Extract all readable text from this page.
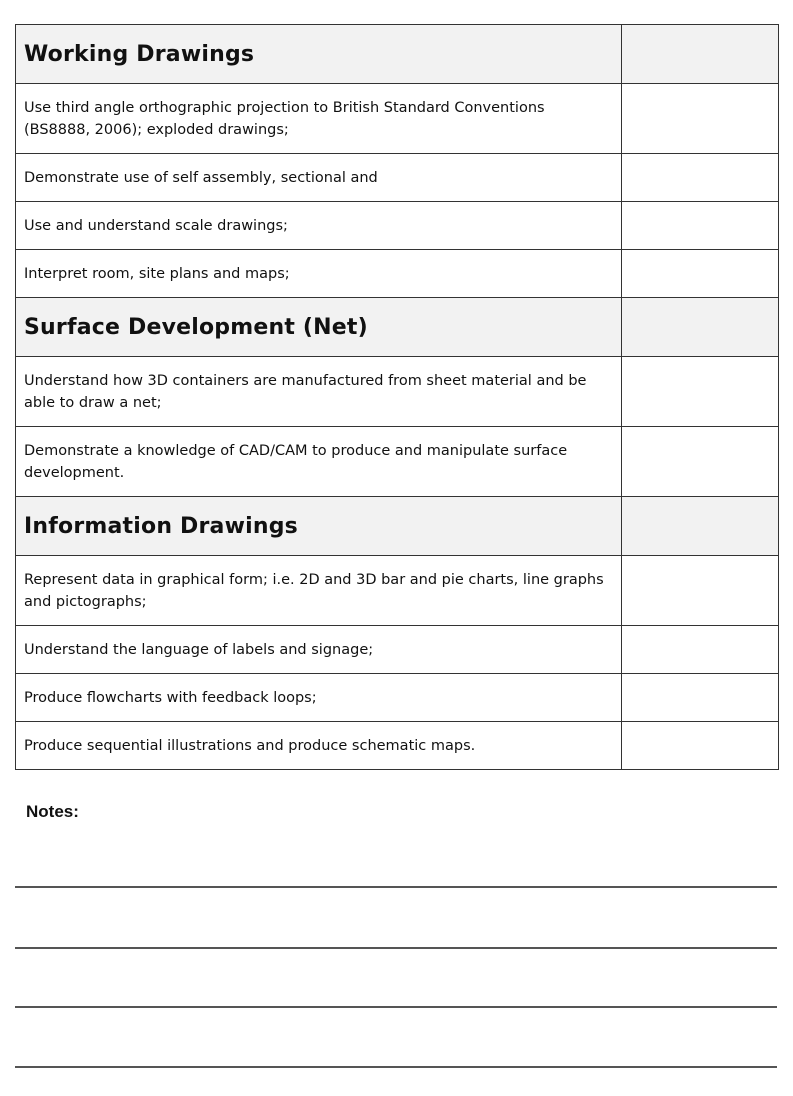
Working Drawings	
Use third angle orthographic projection to British Standard Conventions (BS8888, 2006); exploded drawings;	
Demonstrate use of self assembly, sectional and	
Use and understand scale drawings;	
Interpret room, site plans and maps;	
Surface Development (Net)	
Understand how 3D containers are manufactured from sheet material and be able to draw a net;	
Demonstrate a knowledge of CAD/CAM to produce and manipulate surface development.	
Information Drawings	
Represent data in graphical form; i.e. 2D and 3D bar and pie charts, line graphs and pictographs;	
Understand the language of labels and signage;	
Produce flowcharts with feedback loops;	
Produce sequential illustrations and produce schematic maps.	
Notes:
